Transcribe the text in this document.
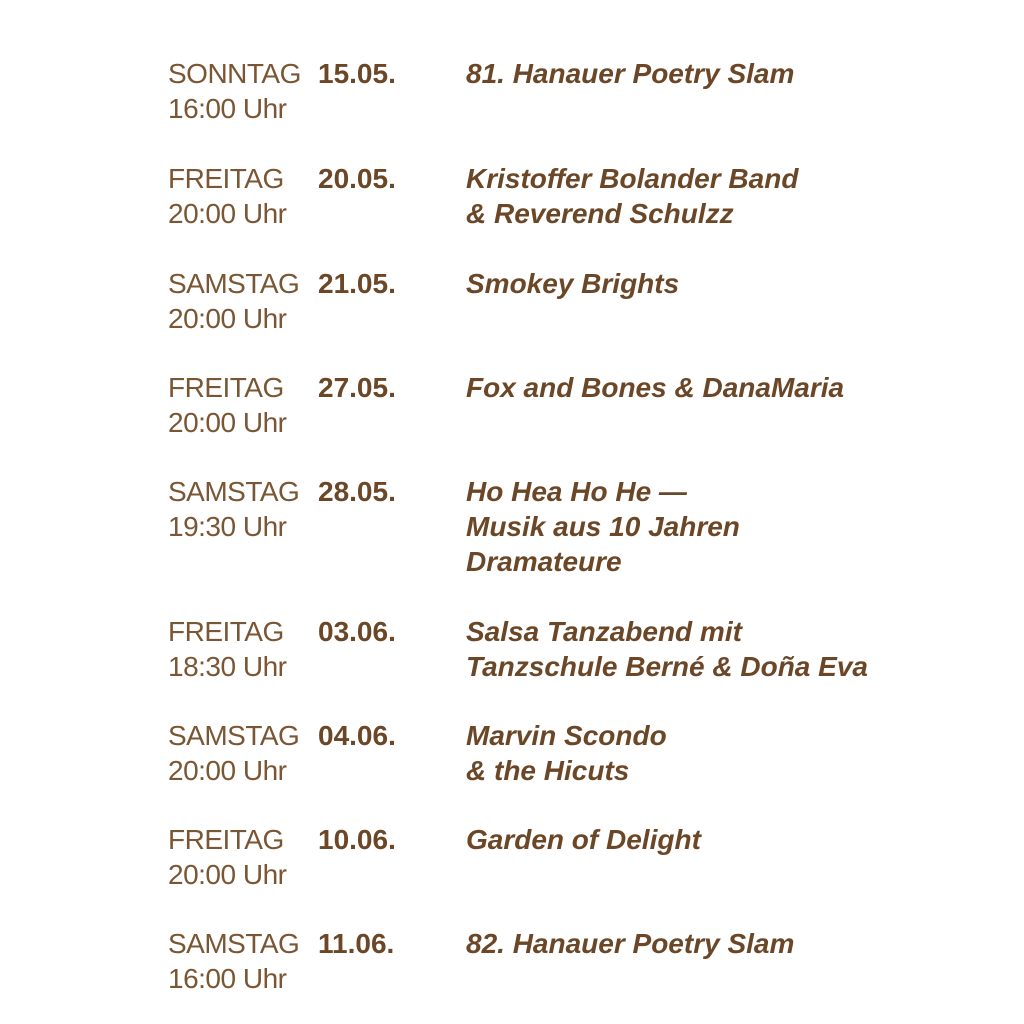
SONNTAG 15.05.
16:00 Uhr
81. Hanauer Poetry Slam
FREITAG 20.05.
20:00 Uhr
Kristoffer Bolander Band
& Reverend Schulzz
SAMSTAG 21.05.
20:00 Uhr
Smokey Brights
FREITAG 27.05.
20:00 Uhr
Fox and Bones & DanaMaria
SAMSTAG 28.05.
19:30 Uhr
Ho Hea Ho He —
Musik aus 10 Jahren
Dramateure
FREITAG 03.06.
18:30 Uhr
Salsa Tanzabend mit
Tanzschule Berné & Doña Eva
SAMSTAG 04.06.
20:00 Uhr
Marvin Scondo
& the Hicuts
FREITAG 10.06.
20:00 Uhr
Garden of Delight
SAMSTAG 11.06.
16:00 Uhr
82. Hanauer Poetry Slam
